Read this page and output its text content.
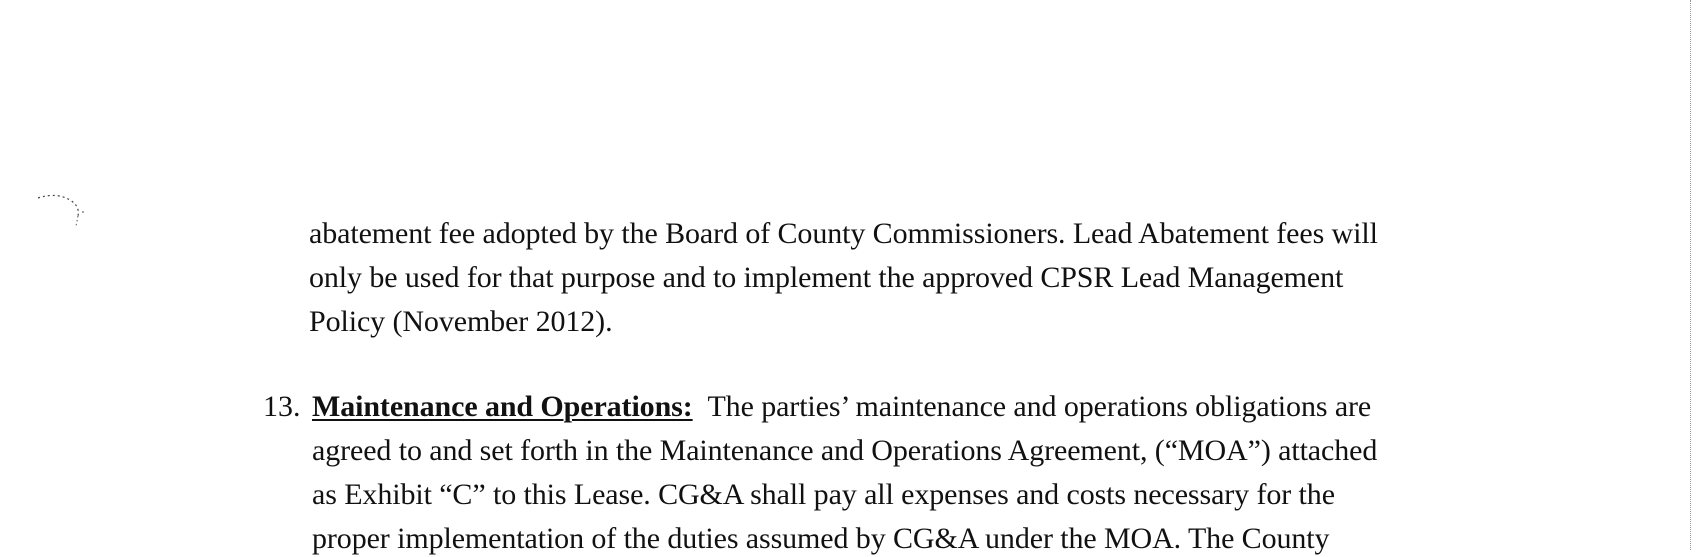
abatement fee adopted by the Board of County Commissioners. Lead Abatement fees will
only be used for that purpose and to implement the approved CPSR Lead Management
Policy (November 2012).
13. Maintenance and Operations: The parties’ maintenance and operations obligations are
agreed to and set forth in the Maintenance and Operations Agreement, (“MOA”) attached
as Exhibit “C” to this Lease. CG&A shall pay all expenses and costs necessary for the
proper implementation of the duties assumed by CG&A under the MOA. The County
